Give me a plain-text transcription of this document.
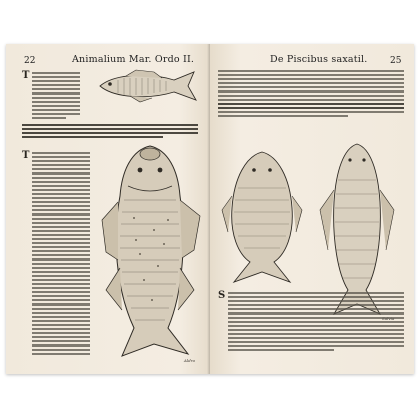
22	Animalium Mar. Ordo II.
T
T
Aldro
De Piscibus saxatil.	25
S
